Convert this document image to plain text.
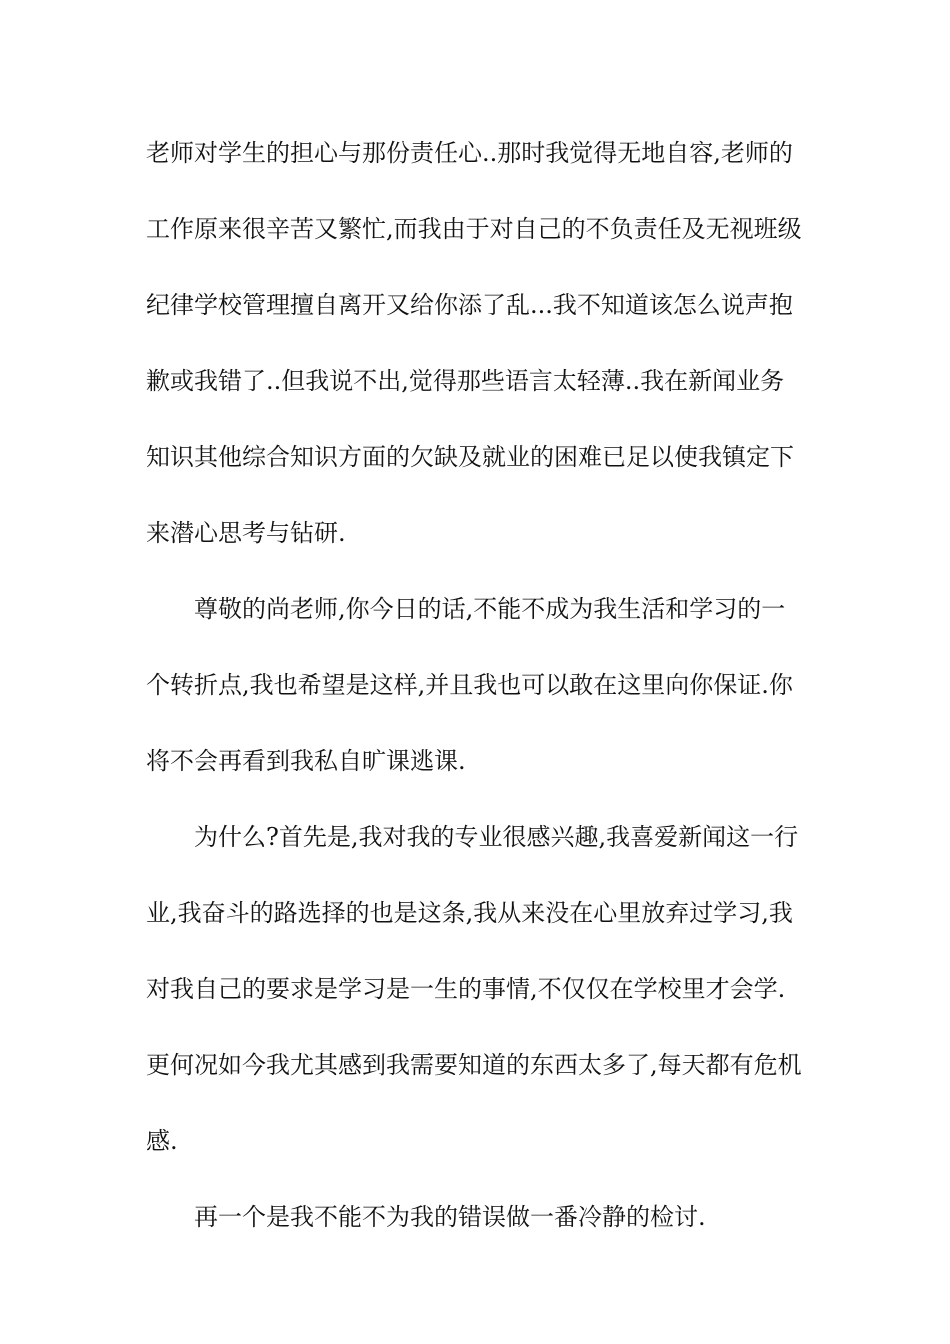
老师对学生的担心与那份责任心..那时我觉得无地自容,老师的
工作原来很辛苦又繁忙,而我由于对自己的不负责任及无视班级
纪律学校管理擅自离开又给你添了乱...我不知道该怎么说声抱
歉或我错了..但我说不出,觉得那些语言太轻薄..我在新闻业务
知识其他综合知识方面的欠缺及就业的困难已足以使我镇定下
来潜心思考与钻研.
尊敬的尚老师,你今日的话,不能不成为我生活和学习的一
个转折点,我也希望是这样,并且我也可以敢在这里向你保证.你
将不会再看到我私自旷课逃课.
为什么?首先是,我对我的专业很感兴趣,我喜爱新闻这一行
业,我奋斗的路选择的也是这条,我从来没在心里放弃过学习,我
对我自己的要求是学习是一生的事情,不仅仅在学校里才会学.
更何况如今我尤其感到我需要知道的东西太多了,每天都有危机
感.
再一个是我不能不为我的错误做一番冷静的检讨.
